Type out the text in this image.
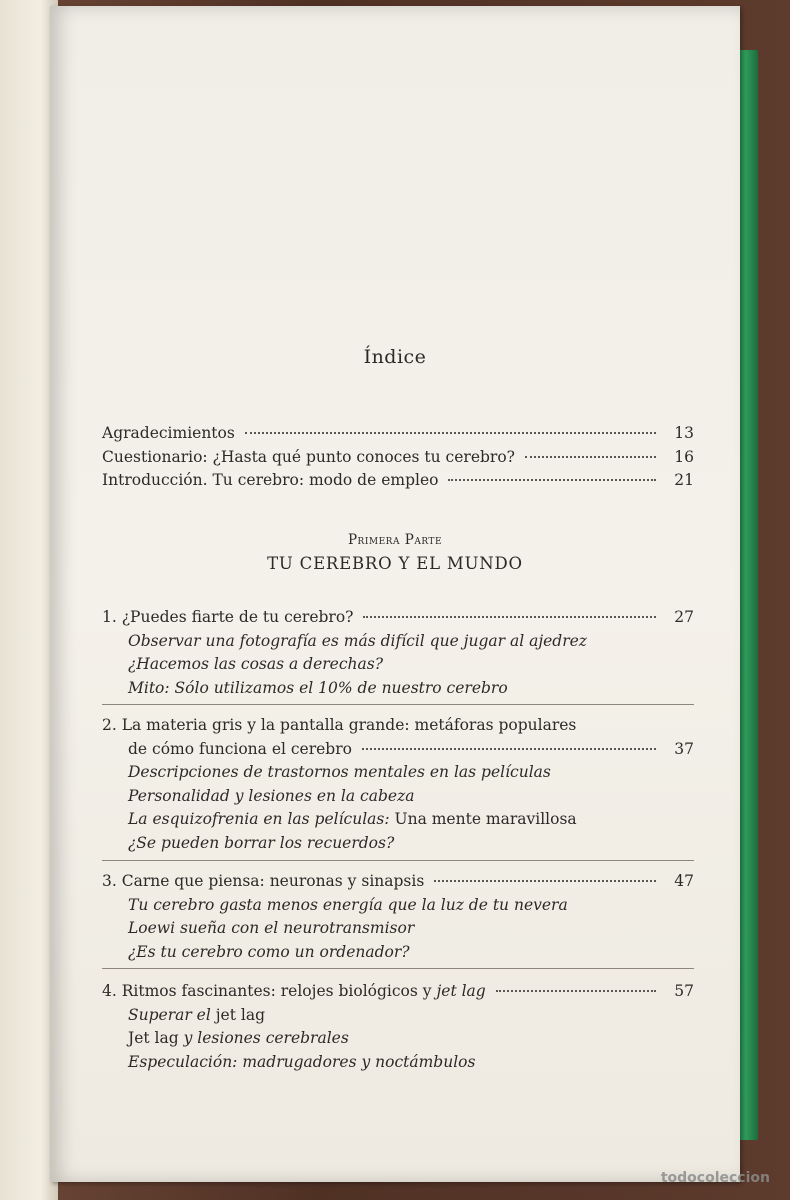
Índice
Agradecimientos	13
Cuestionario: ¿Hasta qué punto conoces tu cerebro?	16
Introducción. Tu cerebro: modo de empleo	21
Primera Parte
TU CEREBRO Y EL MUNDO
1. ¿Puedes fiarte de tu cerebro?	27
Observar una fotografía es más difícil que jugar al ajedrez
¿Hacemos las cosas a derechas?
Mito: Sólo utilizamos el 10% de nuestro cerebro
2. La materia gris y la pantalla grande: metáforas populares
de cómo funciona el cerebro	37
Descripciones de trastornos mentales en las películas
Personalidad y lesiones en la cabeza
La esquizofrenia en las películas: Una mente maravillosa
¿Se pueden borrar los recuerdos?
3. Carne que piensa: neuronas y sinapsis	47
Tu cerebro gasta menos energía que la luz de tu nevera
Loewi sueña con el neurotransmisor
¿Es tu cerebro como un ordenador?
4. Ritmos fascinantes: relojes biológicos y jet lag	57
Superar el jet lag
Jet lag y lesiones cerebrales
Especulación: madrugadores y noctámbulos
todocoleccion
